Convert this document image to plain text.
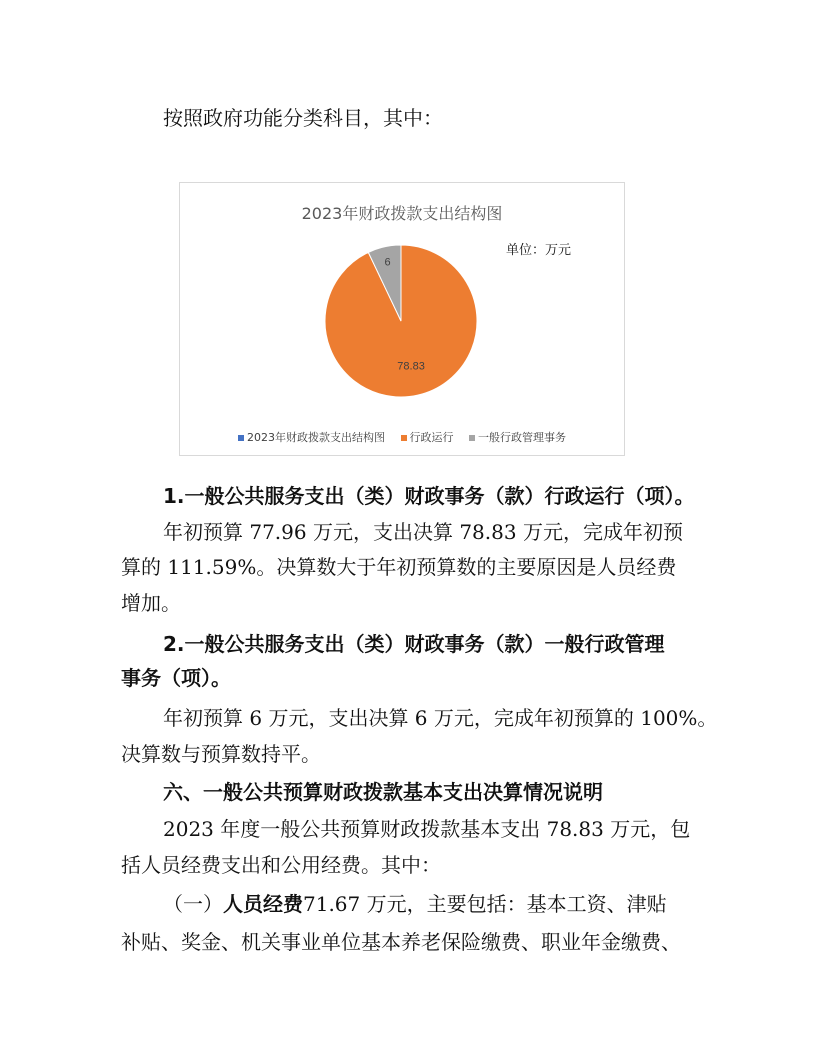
按照政府功能分类科目，其中：
2023年财政拨款支出结构图
单位：万元
78.83
6
2023年财政拨款支出结构图 行政运行 一般行政管理事务
1.一般公共服务支出（类）财政事务（款）行政运行（项）。
年初预算 77.96 万元，支出决算 78.83 万元，完成年初预
算的 111.59%。决算数大于年初预算数的主要原因是人员经费
增加。
2.一般公共服务支出（类）财政事务（款）一般行政管理
事务（项）。
年初预算 6 万元，支出决算 6 万元，完成年初预算的 100%。
决算数与预算数持平。
六、一般公共预算财政拨款基本支出决算情况说明
2023 年度一般公共预算财政拨款基本支出 78.83 万元，包
括人员经费支出和公用经费。其中：
（一）人员经费71.67 万元，主要包括：基本工资、津贴
补贴、奖金、机关事业单位基本养老保险缴费、职业年金缴费、
